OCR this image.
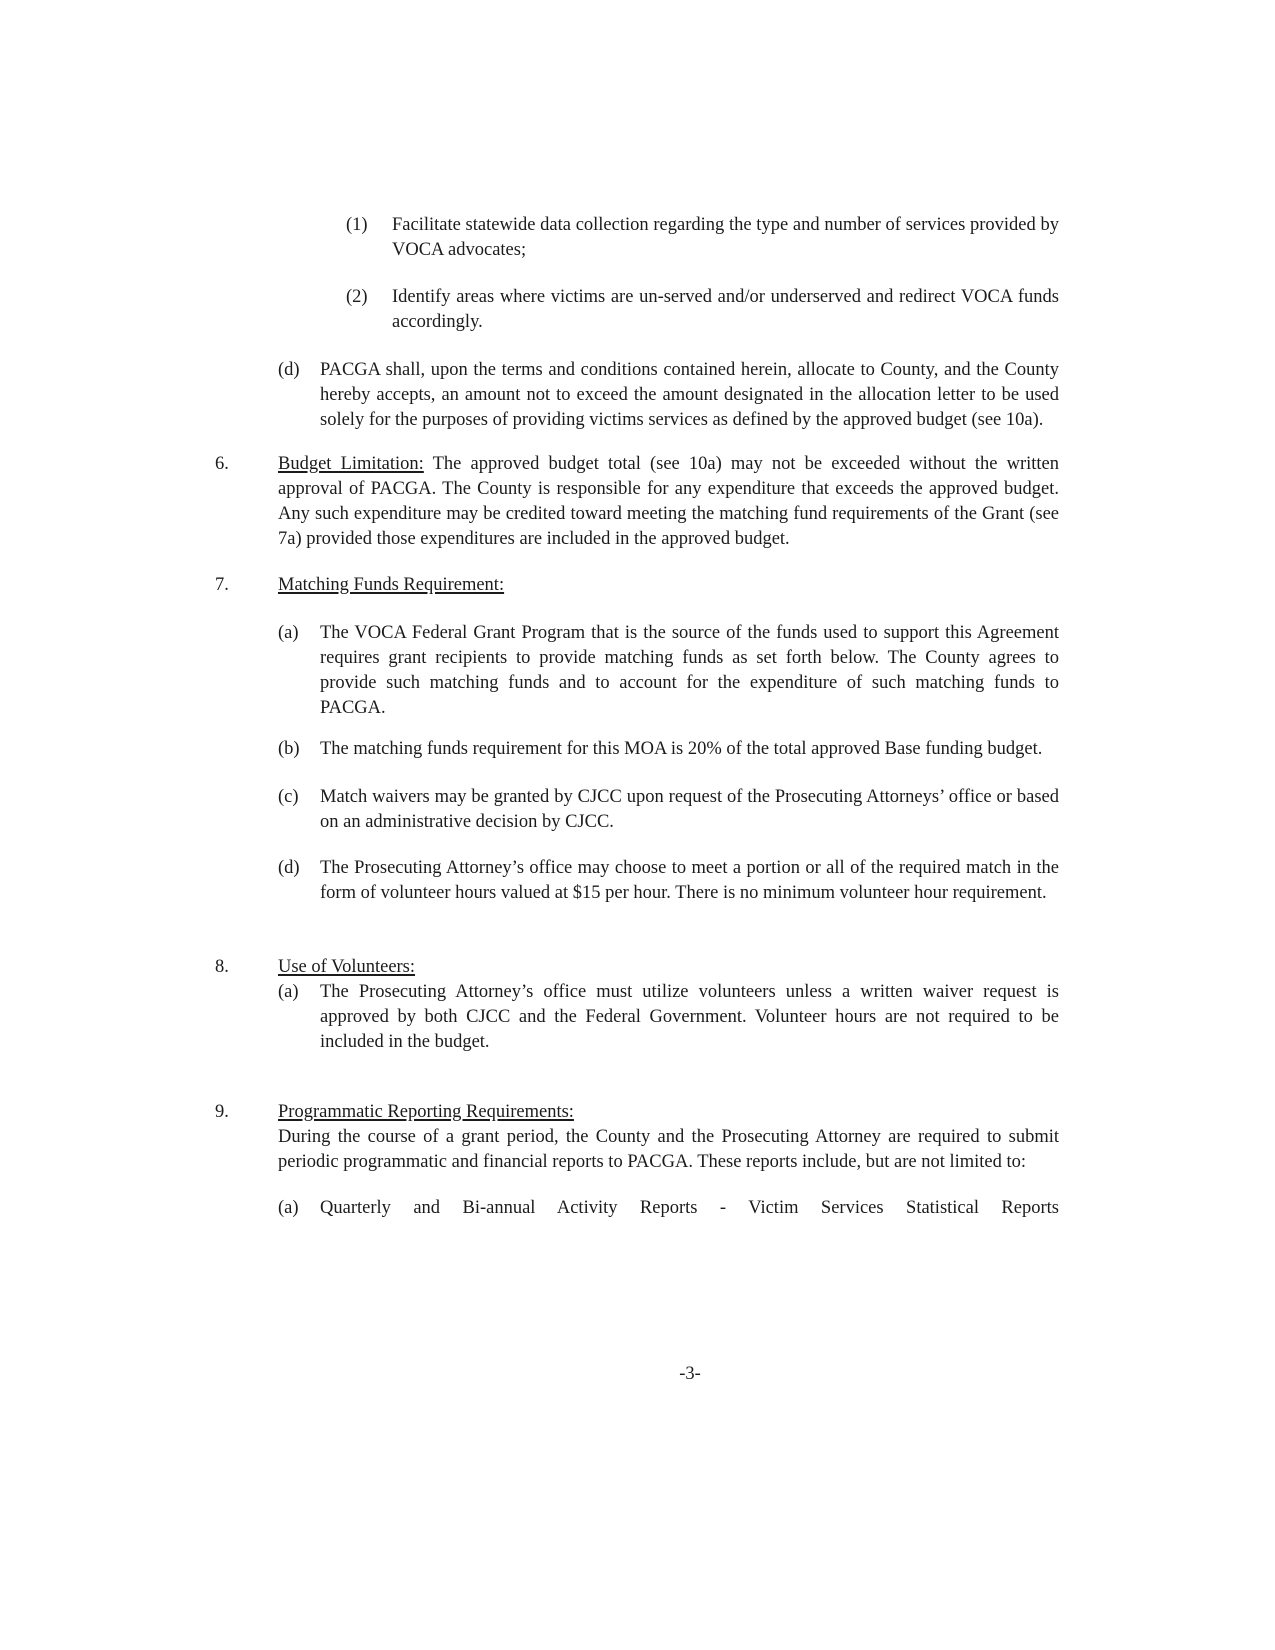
(1)	Facilitate statewide data collection regarding the type and number of services provided by VOCA advocates;

(2)	Identify areas where victims are un-served and/or underserved and redirect VOCA funds accordingly.

(d)	PACGA shall, upon the terms and conditions contained herein, allocate to County, and the County hereby accepts, an amount not to exceed the amount designated in the allocation letter to be used solely for the purposes of providing victims services as defined by the approved budget (see 10a).

6.	Budget Limitation: The approved budget total (see 10a) may not be exceeded without the written approval of PACGA. The County is responsible for any expenditure that exceeds the approved budget. Any such expenditure may be credited toward meeting the matching fund requirements of the Grant (see 7a) provided those expenditures are included in the approved budget.

7.	Matching Funds Requirement:

(a)	The VOCA Federal Grant Program that is the source of the funds used to support this Agreement requires grant recipients to provide matching funds as set forth below. The County agrees to provide such matching funds and to account for the expenditure of such matching funds to PACGA.

(b)	The matching funds requirement for this MOA is 20% of the total approved Base funding budget.

(c)	Match waivers may be granted by CJCC upon request of the Prosecuting Attorneys’ office or based on an administrative decision by CJCC.

(d)	The Prosecuting Attorney’s office may choose to meet a portion or all of the required match in the form of volunteer hours valued at $15 per hour. There is no minimum volunteer hour requirement.

8.	Use of Volunteers:

(a)	The Prosecuting Attorney’s office must utilize volunteers unless a written waiver request is approved by both CJCC and the Federal Government. Volunteer hours are not required to be included in the budget.

9.	Programmatic Reporting Requirements:

During the course of a grant period, the County and the Prosecuting Attorney are required to submit periodic programmatic and financial reports to PACGA. These reports include, but are not limited to:

(a)	Quarterly and Bi-annual Activity Reports - Victim Services Statistical Reports

-3-
